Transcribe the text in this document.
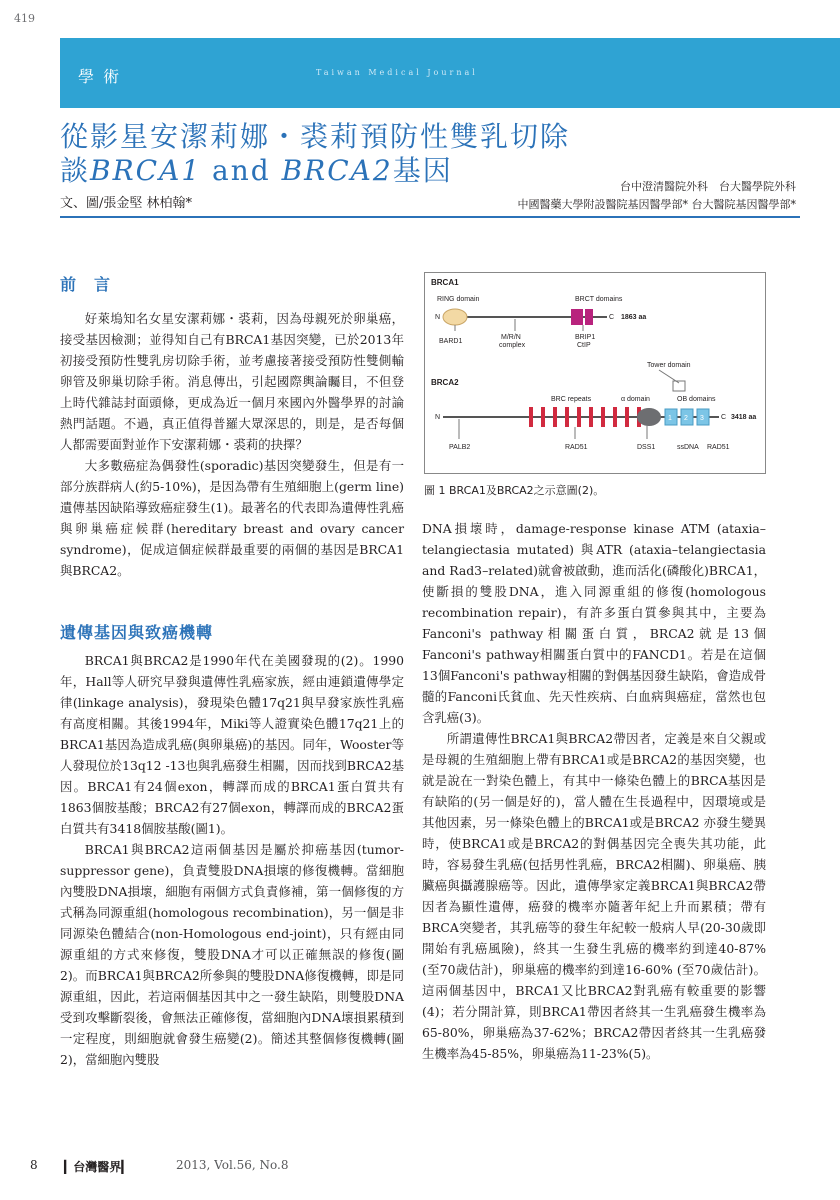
419
學 術	Taiwan Medical Journal
從影星安潔莉娜・裘莉預防性雙乳切除
談BRCA1 and BRCA2基因
文、圖/張金堅 林柏翰*
台中澄清醫院外科　台大醫學院外科
中國醫藥大學附設醫院基因醫學部* 台大醫院基因醫學部*
前　言

好萊塢知名女星安潔莉娜・裘莉，因為母親死於卵巢癌，接受基因檢測；並得知自己有BRCA1基因突變，已於2013年初接受預防性雙乳房切除手術，並考慮接著接受預防性雙側輸卵管及卵巢切除手術。消息傳出，引起國際輿論矚目，不但登上時代雜誌封面頭條，更成為近一個月來國內外醫學界的討論熱門話題。不過，真正值得普羅大眾深思的，則是，是否每個人都需要面對並作下安潔莉娜・裘莉的抉擇？

大多數癌症為偶發性(sporadic)基因突變發生，但是有一部分族群病人(約5-10%)，是因為帶有生殖細胞上(germ line)遺傳基因缺陷導致癌症發生(1)。最著名的代表即為遺傳性乳癌與卵巢癌症候群(hereditary breast and ovary cancer syndrome)，促成這個症候群最重要的兩個的基因是BRCA1與BRCA2。

遺傳基因與致癌機轉

BRCA1與BRCA2是1990年代在美國發現的(2)。1990年，Hall等人研究早發與遺傳性乳癌家族，經由連鎖遺傳學定律(linkage analysis)，發現染色體17q21與早發家族性乳癌有高度相關。其後1994年，Miki等人證實染色體17q21上的BRCA1基因為造成乳癌(與卵巢癌)的基因。同年，Wooster等人發現位於13q12 -13也與乳癌發生相關，因而找到BRCA2基因。BRCA1有24個exon，轉譯而成的BRCA1蛋白質共有1863個胺基酸；BRCA2有27個exon，轉譯而成的BRCA2蛋白質共有3418個胺基酸(圖1)。

BRCA1與BRCA2這兩個基因是屬於抑癌基因(tumor-suppressor gene)，負責雙股DNA損壞的修復機轉。當細胞內雙股DNA損壞，細胞有兩個方式負責修補，第一個修復的方式稱為同源重組(homologous recombination)，另一個是非同源染色體結合(non-Homologous end-joint)，只有經由同源重組的方式來修復，雙股DNA才可以正確無誤的修復(圖2)。而BRCA1與BRCA2所參與的雙股DNA修復機轉，即是同源重組，因此，若這兩個基因其中之一發生缺陷，則雙股DNA受到攻擊斷裂後，會無法正確修復，當細胞內DNA壞損累積到一定程度，則細胞就會發生癌變(2)。簡述其整個修復機轉(圖2)，當細胞內雙股

BRCA1
RING domain	BRCT domains
N	C 1863 aa
BARD1
M/R/N
complex
BRIP1
CtIP
BRCA2
Tower domain
BRC repeats	α domain	OB domains
N	C 3418 aa
PALB2	RAD51	DSS1	ssDNA RAD51
1 2 3
圖 1 BRCA1及BRCA2之示意圖(2)。

DNA損壞時，damage-response kinase ATM (ataxia–telangiectasia mutated) 與ATR (ataxia–telangiectasia and Rad3–related)就會被啟動，進而活化(磷酸化)BRCA1，使斷損的雙股DNA，進入同源重組的修復(homologous recombination repair)，有許多蛋白質參與其中，主要為Fanconi's pathway相關蛋白質，BRCA2就是13個Fanconi's pathway相關蛋白質中的FANCD1。若是在這個13個Fanconi's pathway相關的對偶基因發生缺陷，會造成骨髓的Fanconi氏貧血、先天性疾病、白血病與癌症，當然也包含乳癌(3)。

所謂遺傳性BRCA1與BRCA2帶因者，定義是來自父親或是母親的生殖細胞上帶有BRCA1或是BRCA2的基因突變，也就是說在一對染色體上，有其中一條染色體上的BRCA基因是有缺陷的(另一個是好的)，當人體在生長過程中，因環境或是其他因素，另一條染色體上的BRCA1或是BRCA2 亦發生變異時，使BRCA1或是BRCA2的對偶基因完全喪失其功能，此時，容易發生乳癌(包括男性乳癌，BRCA2相關)、卵巢癌、胰臟癌與攝護腺癌等。因此，遺傳學家定義BRCA1與BRCA2帶因者為顯性遺傳，癌發的機率亦隨著年紀上升而累積；帶有 BRCA突變者，其乳癌等的發生年紀較一般病人早(20-30歲即開始有乳癌風險)，終其一生發生乳癌的機率約到達40-87% (至70歲估計)，卵巢癌的機率約到達16-60% (至70歲估計)。這兩個基因中，BRCA1又比BRCA2對乳癌有較重要的影響(4)；若分開計算，則BRCA1帶因者終其一生乳癌發生機率為65-80%，卵巢癌為37-62%；BRCA2帶因者終其一生乳癌發生機率為45-85%，卵巢癌為11-23%(5)。

8 ▎台灣醫界▎	2013, Vol.56, No.8
